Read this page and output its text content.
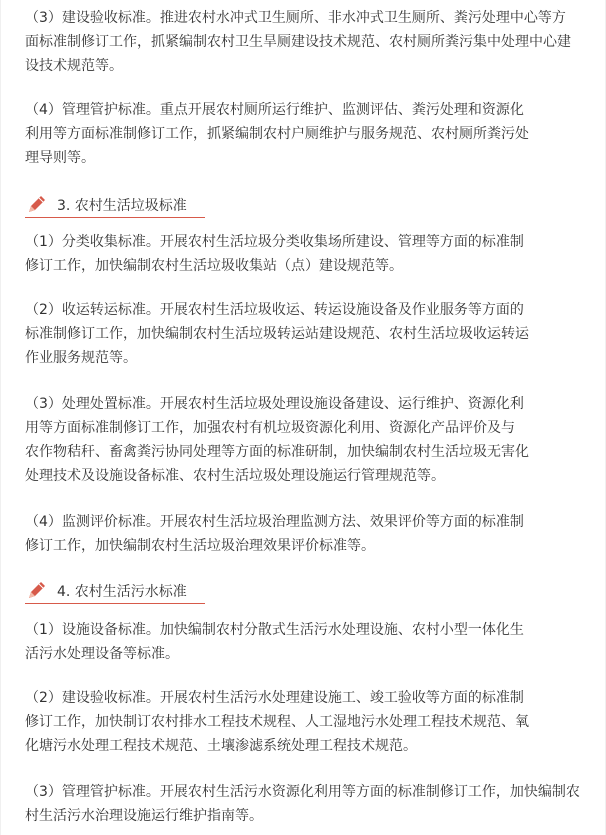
（3）建设验收标准。推进农村水冲式卫生厕所、非水冲式卫生厕所、粪污处理中心等方
面标准制修订工作，抓紧编制农村卫生旱厕建设技术规范、农村厕所粪污集中处理中心建
设技术规范等。

（4）管理管护标准。重点开展农村厕所运行维护、监测评估、粪污处理和资源化
利用等方面标准制修订工作，抓紧编制农村户厕维护与服务规范、农村厕所粪污处
理导则等。

3. 农村生活垃圾标准

（1）分类收集标准。开展农村生活垃圾分类收集场所建设、管理等方面的标准制
修订工作，加快编制农村生活垃圾收集站（点）建设规范等。

（2）收运转运标准。开展农村生活垃圾收运、转运设施设备及作业服务等方面的
标准制修订工作，加快编制农村生活垃圾转运站建设规范、农村生活垃圾收运转运
作业服务规范等。

（3）处理处置标准。开展农村生活垃圾处理设施设备建设、运行维护、资源化利
用等方面标准制修订工作，加强农村有机垃圾资源化利用、资源化产品评价及与
农作物秸秆、畜禽粪污协同处理等方面的标准研制，加快编制农村生活垃圾无害化
处理技术及设施设备标准、农村生活垃圾处理设施运行管理规范等。

（4）监测评价标准。开展农村生活垃圾治理监测方法、效果评价等方面的标准制
修订工作，加快编制农村生活垃圾治理效果评价标准等。

4. 农村生活污水标准

（1）设施设备标准。加快编制农村分散式生活污水处理设施、农村小型一体化生
活污水处理设备等标准。

（2）建设验收标准。开展农村生活污水处理建设施工、竣工验收等方面的标准制
修订工作，加快制订农村排水工程技术规程、人工湿地污水处理工程技术规范、氧
化塘污水处理工程技术规范、土壤渗滤系统处理工程技术规范。

（3）管理管护标准。开展农村生活污水资源化利用等方面的标准制修订工作，加快编制农
村生活污水治理设施运行维护指南等。
